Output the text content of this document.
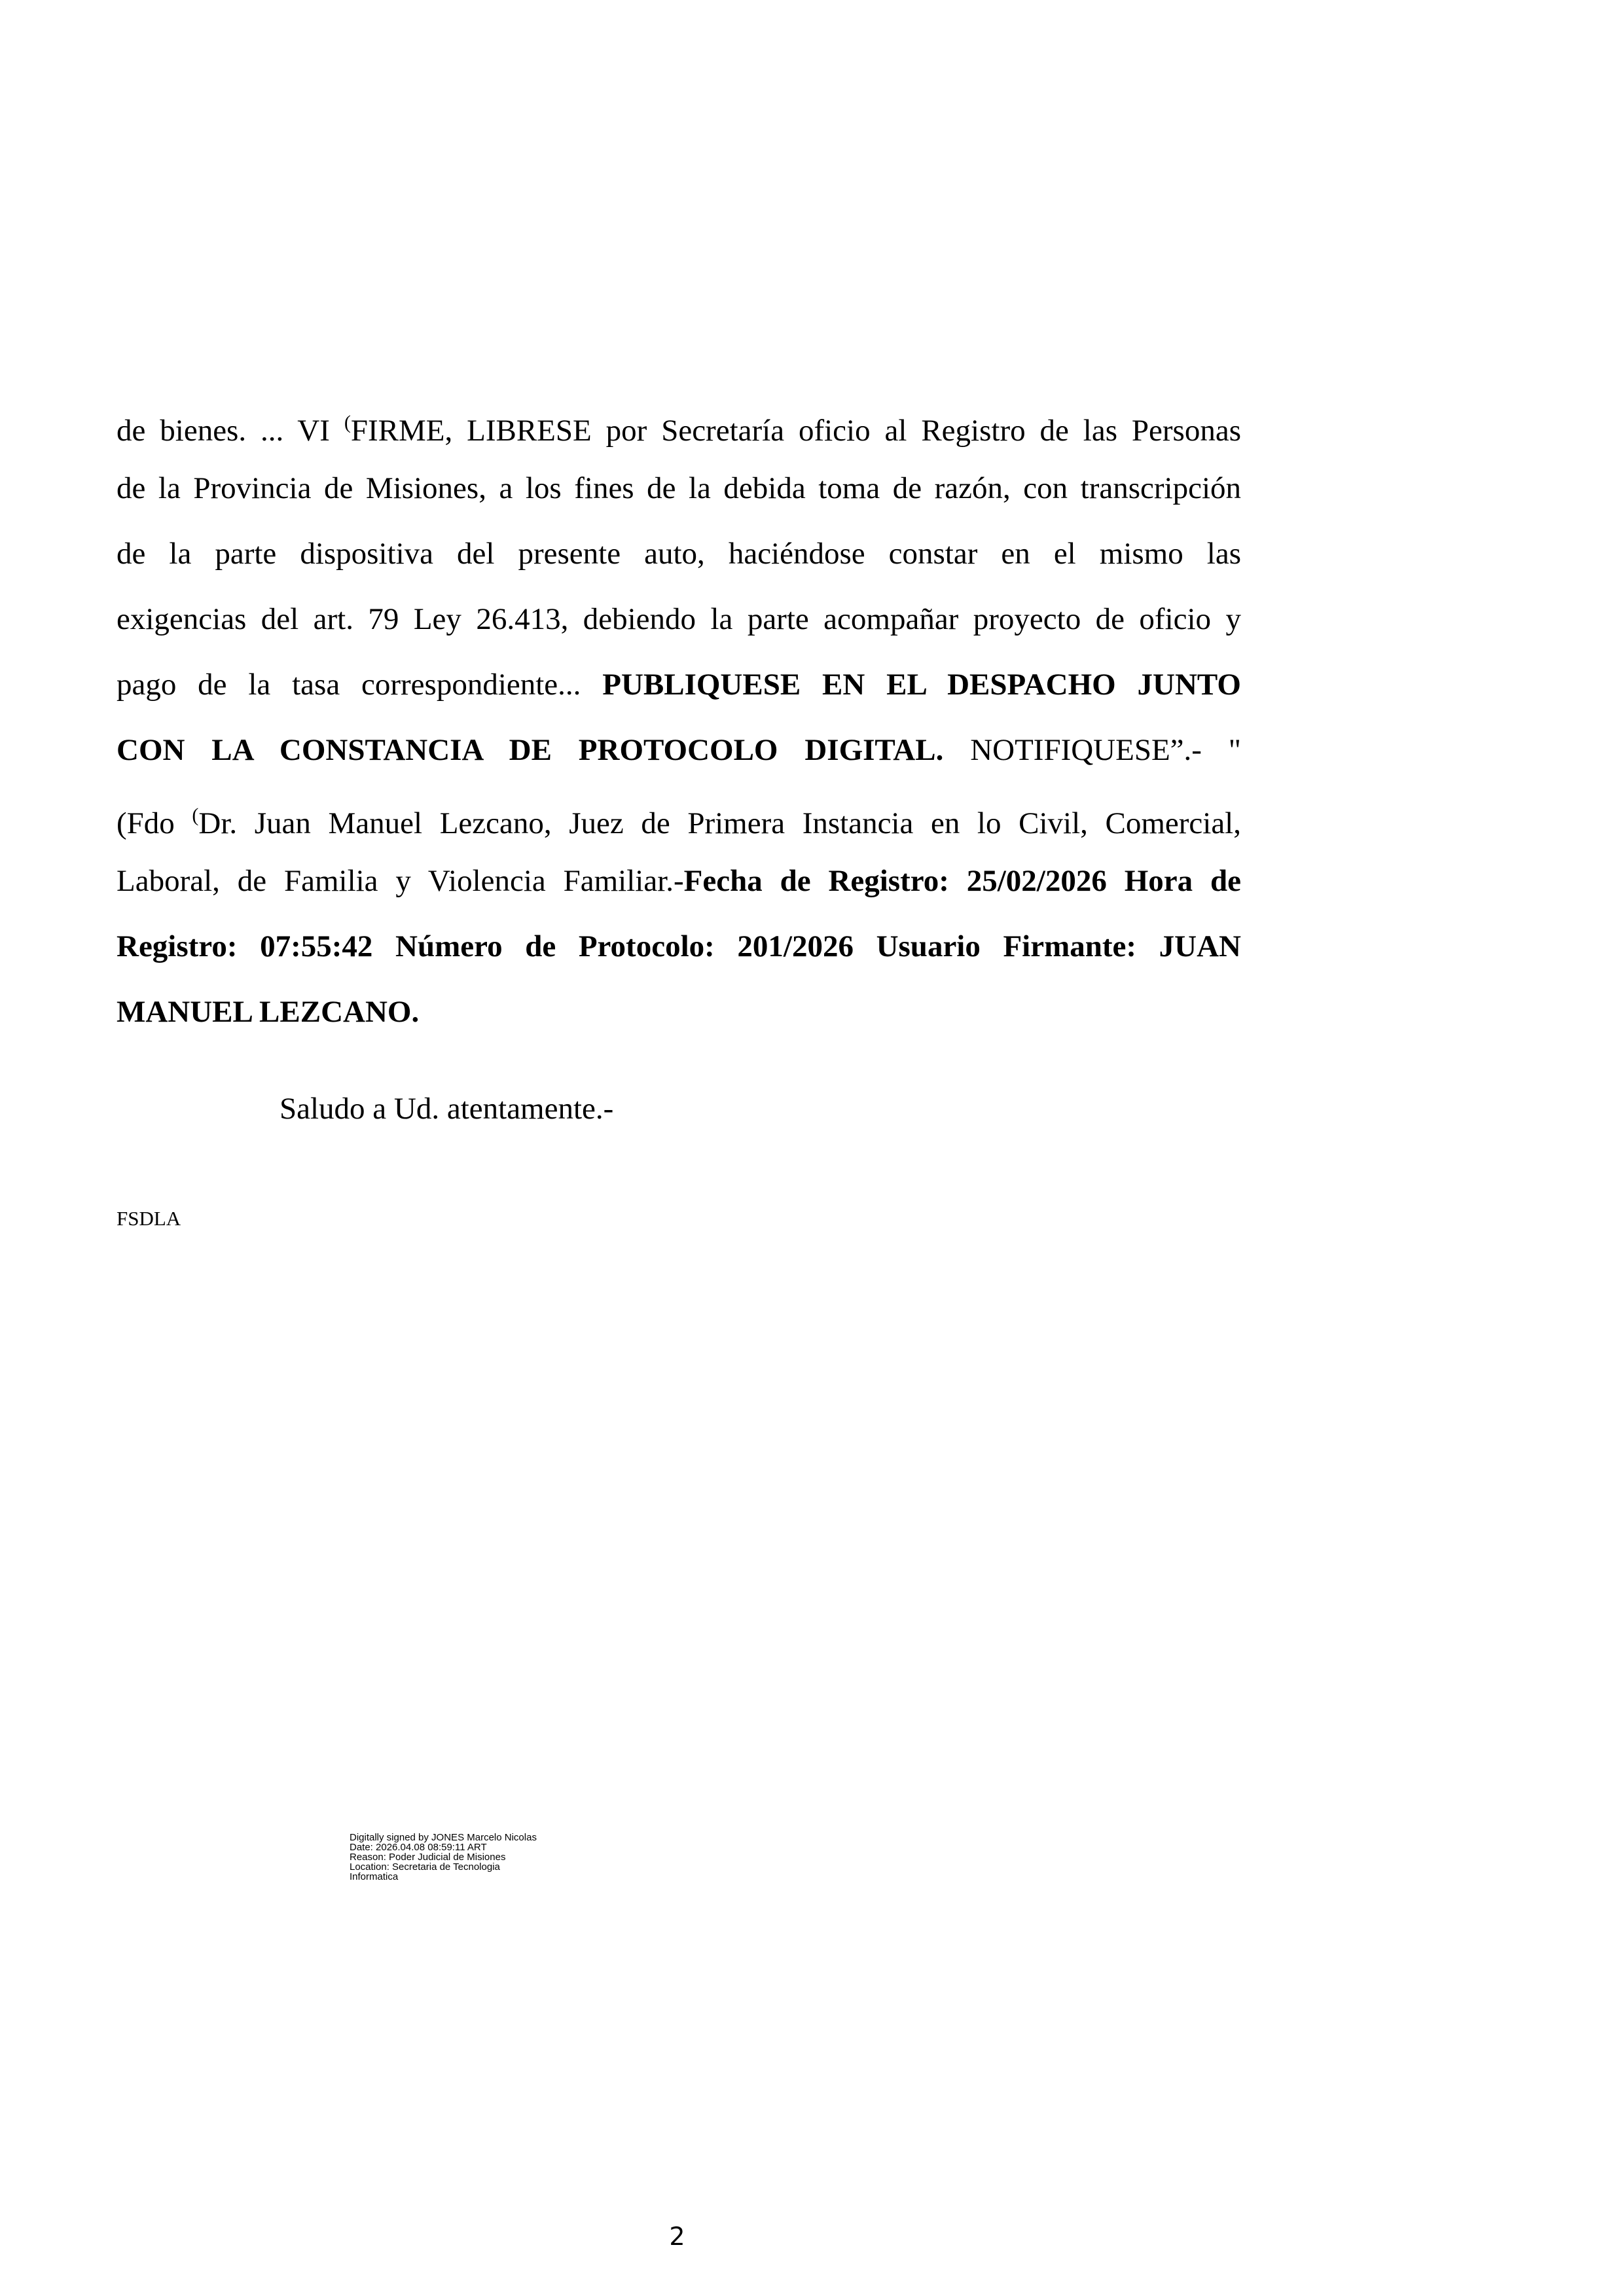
de bienes. ... VI (FIRME, LIBRESE por Secretaría oficio al Registro de las Personas
de la Provincia de Misiones, a los fines de la debida toma de razón, con transcripción
de la parte dispositiva del presente auto, haciéndose constar en el mismo las
exigencias del art. 79 Ley 26.413, debiendo la parte acompañar proyecto de oficio y
pago de la tasa correspondiente... PUBLIQUESE EN EL DESPACHO JUNTO
CON LA CONSTANCIA DE PROTOCOLO DIGITAL. NOTIFIQUESE”.- "
(Fdo (Dr. Juan Manuel Lezcano, Juez de Primera Instancia en lo Civil, Comercial,
Laboral, de Familia y Violencia Familiar.-Fecha de Registro: 25/02/2026 Hora de
Registro: 07:55:42 Número de Protocolo: 201/2026 Usuario Firmante: JUAN
MANUEL LEZCANO.
Saludo a Ud. atentamente.-
FSDLA
Digitally signed by JONES Marcelo Nicolas
Date: 2026.04.08 08:59:11 ART
Reason: Poder Judicial de Misiones
Location: Secretaria de Tecnologia
Informatica
2
